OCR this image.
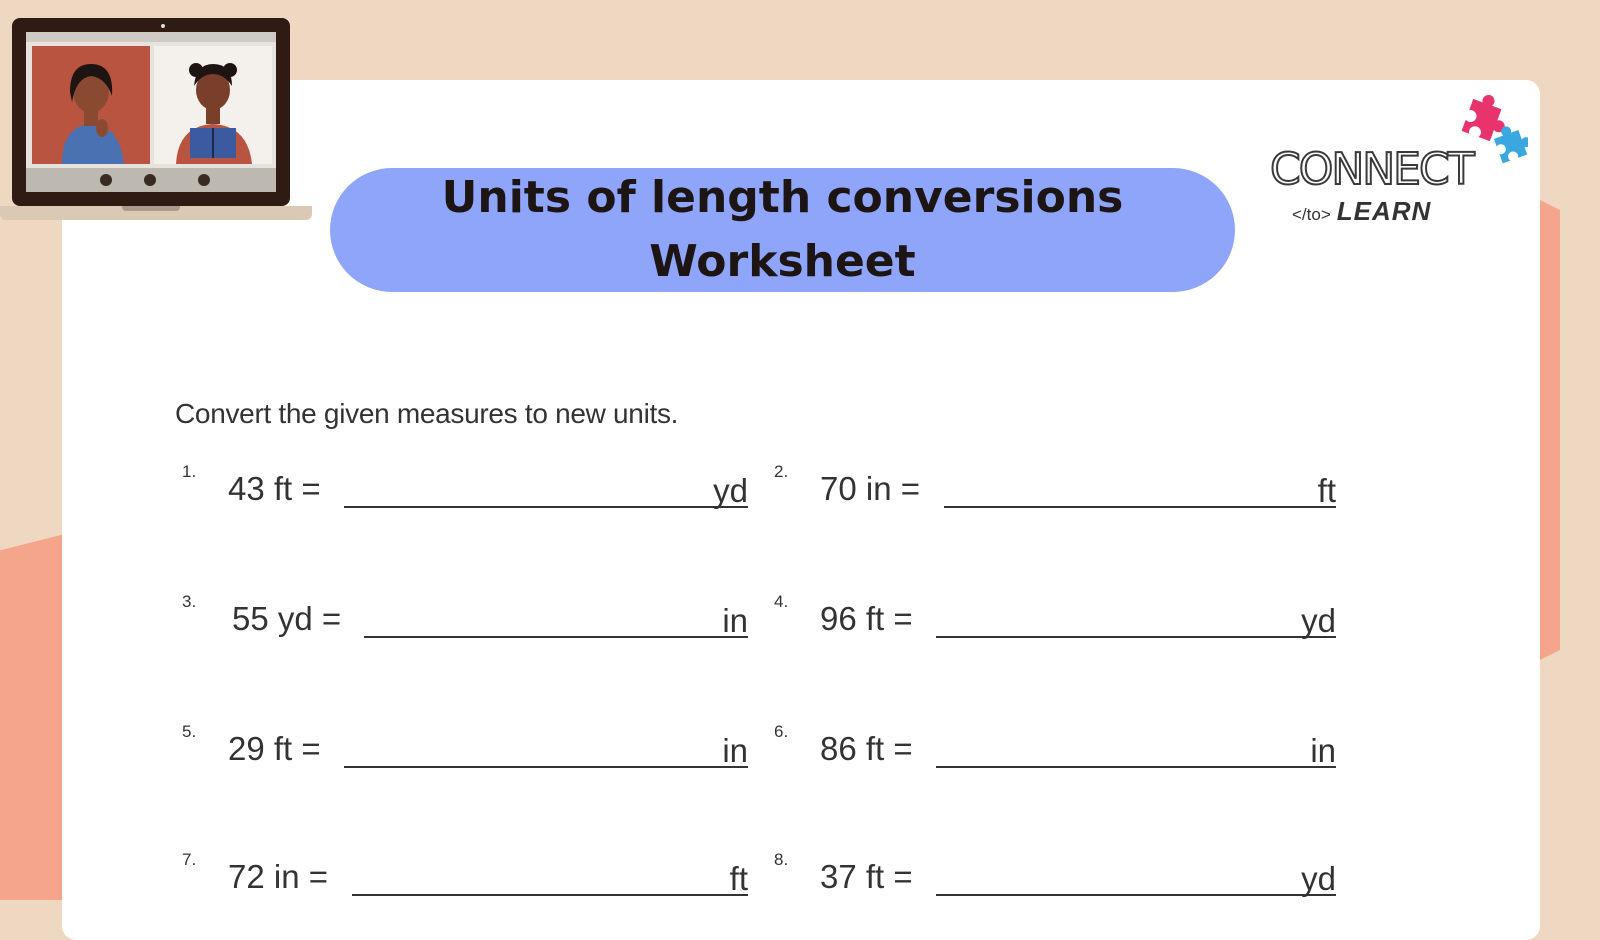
Units of length conversions
Worksheet
CONNECT
</to> LEARN
Convert the given measures to new units.
1. 43 ft =	yd
3. 55 yd =	in
5. 29 ft =	in
7. 72 in =	ft
2. 70 in =	ft
4. 96 ft =	yd
6. 86 ft =	in
8. 37 ft =	yd
